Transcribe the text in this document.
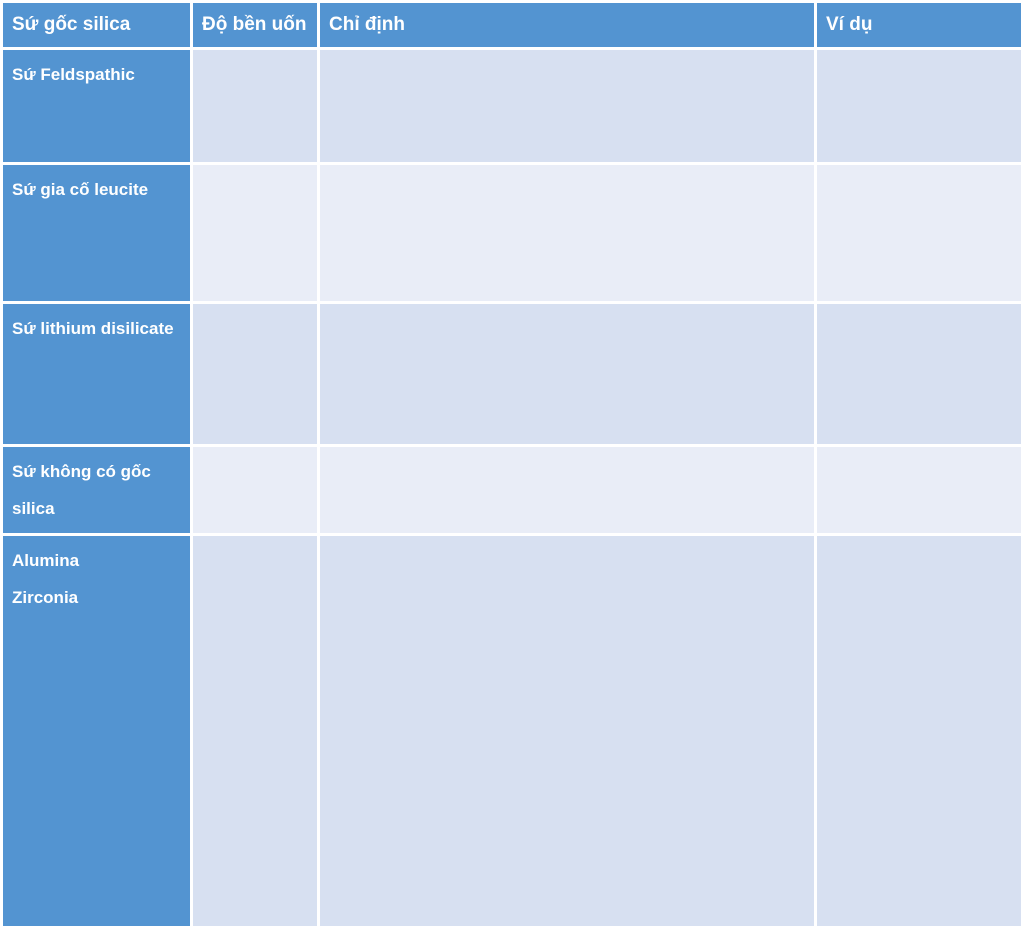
Sứ gốc silica	Độ bền uốn	Chỉ định	Ví dụ

Sứ Feldspathic			

Sứ gia cố leucite			

Sứ lithium disilicate			

Sứ không có gốc silica			

Alumina
Zirconia			
